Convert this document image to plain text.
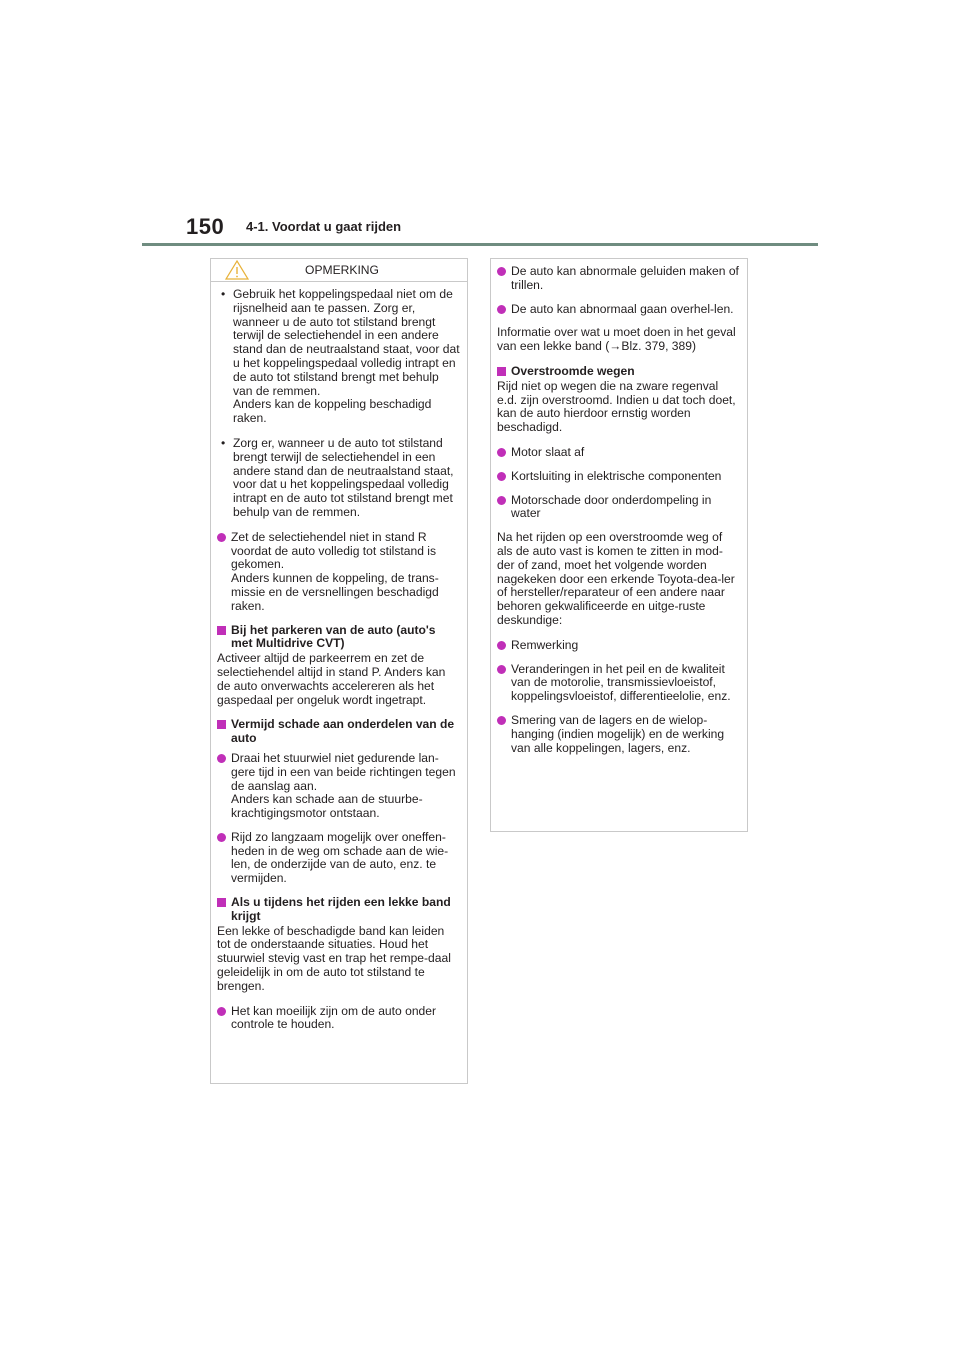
150 4-1. Voordat u gaat rijden
OPMERKING

• Gebruik het koppelingspedaal niet om de rijsnelheid aan te passen. Zorg er, wanneer u de auto tot stilstand brengt terwijl de selectiehendel in een andere stand dan de neutraalstand staat, voor dat u het koppelingspedaal volledig intrapt en de auto tot stilstand brengt met behulp van de remmen.

Anders kan de koppeling beschadigd raken.

• Zorg er, wanneer u de auto tot stilstand brengt terwijl de selectiehendel in een andere stand dan de neutraalstand staat, voor dat u het koppelingspedaal volledig intrapt en de auto tot stilstand brengt met behulp van de remmen.

Zet de selectiehendel niet in stand R voordat de auto volledig tot stilstand is gekomen.

Anders kunnen de koppeling, de trans-missie en de versnellingen beschadigd raken.

Bij het parkeren van de auto (auto's met Multidrive CVT)

Activeer altijd de parkeerrem en zet de selectiehendel altijd in stand P. Anders kan de auto onverwachts accelereren als het gaspedaal per ongeluk wordt ingetrapt.

Vermijd schade aan onderdelen van de auto

Draai het stuurwiel niet gedurende lan-gere tijd in een van beide richtingen tegen de aanslag aan.

Anders kan schade aan de stuurbe-krachtigingsmotor ontstaan.

Rijd zo langzaam mogelijk over oneffen-heden in de weg om schade aan de wie-len, de onderzijde van de auto, enz. te vermijden.

Als u tijdens het rijden een lekke band krijgt

Een lekke of beschadigde band kan leiden tot de onderstaande situaties. Houd het stuurwiel stevig vast en trap het rempe-daal geleidelijk in om de auto tot stilstand te brengen.

Het kan moeilijk zijn om de auto onder controle te houden.

De auto kan abnormale geluiden maken of trillen.

De auto kan abnormaal gaan overhel-len.

Informatie over wat u moet doen in het geval van een lekke band (→Blz. 379, 389)

Overstroomde wegen

Rijd niet op wegen die na zware regenval e.d. zijn overstroomd. Indien u dat toch doet, kan de auto hierdoor ernstig worden beschadigd.

Motor slaat af

Kortsluiting in elektrische componenten

Motorschade door onderdompeling in water

Na het rijden op een overstroomde weg of als de auto vast is komen te zitten in mod-der of zand, moet het volgende worden nagekeken door een erkende Toyota-dea-ler of hersteller/reparateur of een andere naar behoren gekwalificeerde en uitge-ruste deskundige:

Remwerking

Veranderingen in het peil en de kwaliteit van de motorolie, transmissievloeistof, koppelingsvloeistof, differentieelolie, enz.

Smering van de lagers en de wielop-hanging (indien mogelijk) en de werking van alle koppelingen, lagers, enz.
